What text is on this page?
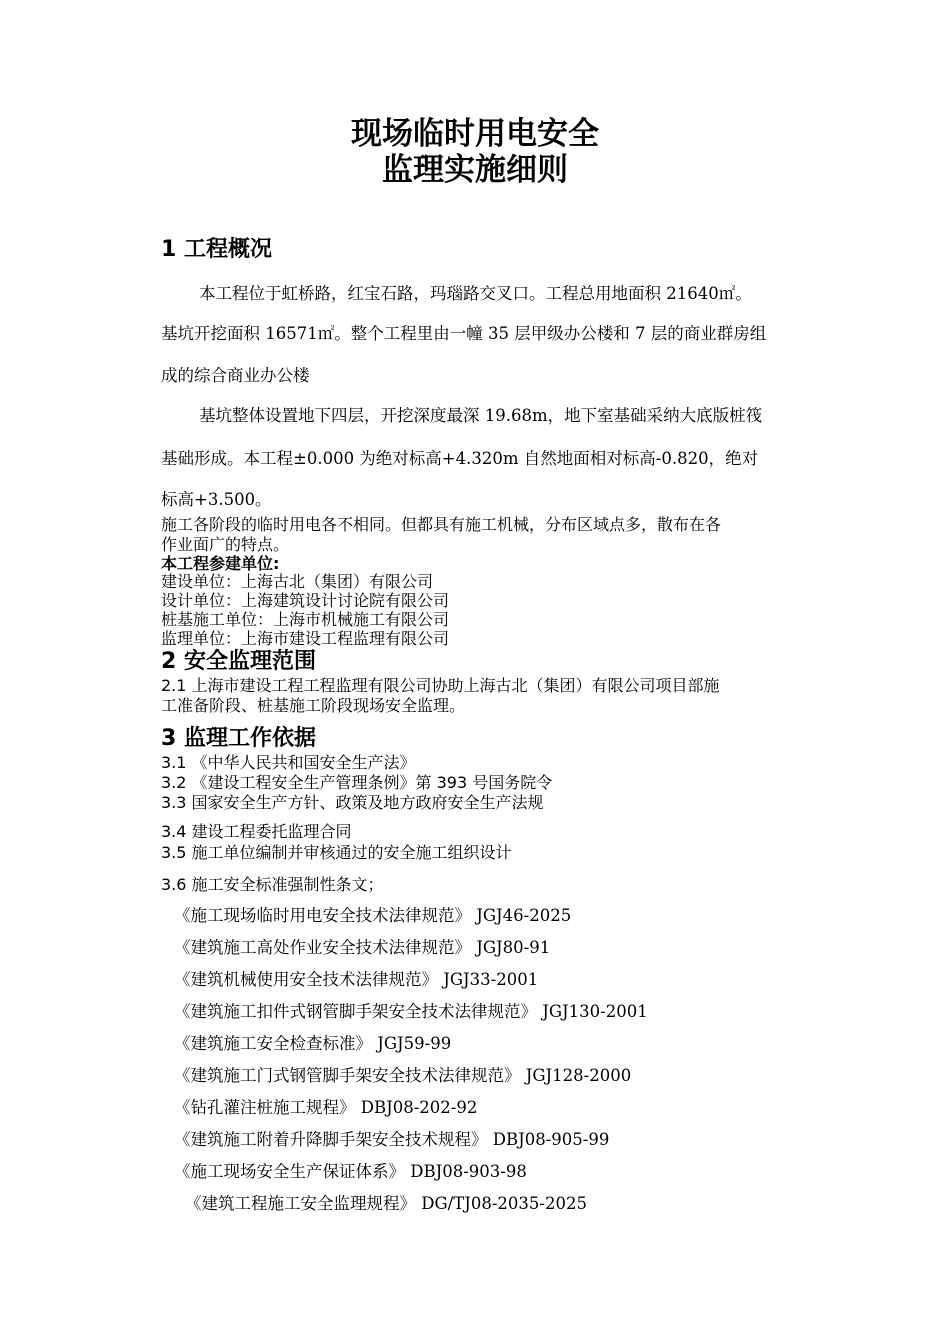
现场临时用电安全
监理实施细则
1 工程概况
本工程位于虹桥路，红宝石路，玛瑙路交叉口。工程总用地面积 21640㎡。
基坑开挖面积 16571㎡。整个工程里由一幢 35 层甲级办公楼和 7 层的商业群房组
成的综合商业办公楼
基坑整体设置地下四层，开挖深度最深 19.68m，地下室基础采纳大底版桩筏
基础形成。本工程±0.000 为绝对标高+4.320m 自然地面相对标高-0.820，绝对
标高+3.500。
施工各阶段的临时用电各不相同。但都具有施工机械，分布区域点多，散布在各
作业面广的特点。
本工程参建单位:
建设单位：上海古北（集团）有限公司
设计单位：上海建筑设计讨论院有限公司
桩基施工单位：上海市机械施工有限公司
监理单位：上海市建设工程监理有限公司
2 安全监理范围
2.1 上海市建设工程工程监理有限公司协助上海古北（集团）有限公司项目部施
工准备阶段、桩基施工阶段现场安全监理。
3 监理工作依据
3.1 《中华人民共和国安全生产法》
3.2 《建设工程安全生产管理条例》第 393 号国务院令
3.3 国家安全生产方针、政策及地方政府安全生产法规
3.4 建设工程委托监理合同
3.5 施工单位编制并审核通过的安全施工组织设计
3.6 施工安全标准强制性条文；
《施工现场临时用电安全技术法律规范》 JGJ46-2025
《建筑施工高处作业安全技术法律规范》 JGJ80-91
《建筑机械使用安全技术法律规范》 JGJ33-2001
《建筑施工扣件式钢管脚手架安全技术法律规范》 JGJ130-2001
《建筑施工安全检查标准》 JGJ59-99
《建筑施工门式钢管脚手架安全技术法律规范》 JGJ128-2000
《钻孔灌注桩施工规程》 DBJ08-202-92
《建筑施工附着升降脚手架安全技术规程》 DBJ08-905-99
《施工现场安全生产保证体系》 DBJ08-903-98
《建筑工程施工安全监理规程》 DG/TJ08-2035-2025
